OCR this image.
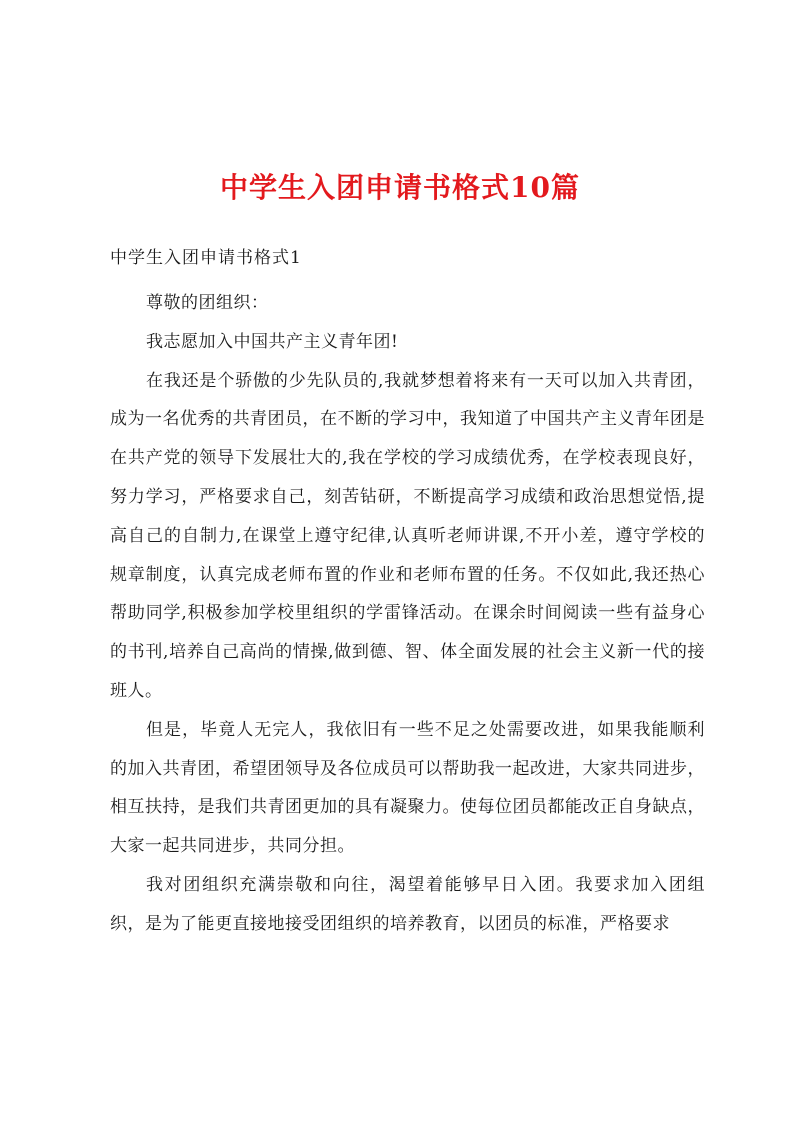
中学生入团申请书格式10篇
中学生入团申请书格式1

尊敬的团组织：

我志愿加入中国共产主义青年团!

在我还是个骄傲的少先队员的,我就梦想着将来有一天可以加入共青团，成为一名优秀的共青团员，在不断的学习中，我知道了中国共产主义青年团是在共产党的领导下发展壮大的,我在学校的学习成绩优秀，在学校表现良好，努力学习，严格要求自己，刻苦钻研，不断提高学习成绩和政治思想觉悟,提高自己的自制力,在课堂上遵守纪律,认真听老师讲课,不开小差，遵守学校的规章制度，认真完成老师布置的作业和老师布置的任务。不仅如此,我还热心帮助同学,积极参加学校里组织的学雷锋活动。在课余时间阅读一些有益身心的书刊,培养自己高尚的情操,做到德、智、体全面发展的社会主义新一代的接班人。

但是，毕竟人无完人，我依旧有一些不足之处需要改进，如果我能顺利的加入共青团，希望团领导及各位成员可以帮助我一起改进，大家共同进步，相互扶持，是我们共青团更加的具有凝聚力。使每位团员都能改正自身缺点，大家一起共同进步，共同分担。

我对团组织充满崇敬和向往，渴望着能够早日入团。我要求加入团组织，是为了能更直接地接受团组织的培养教育，以团员的标准，严格要求
